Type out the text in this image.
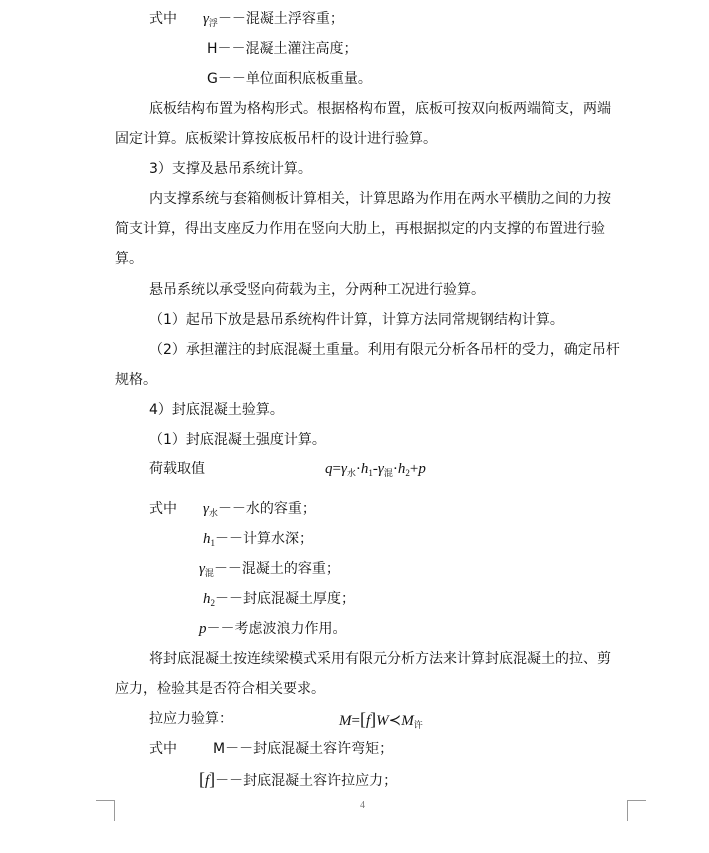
式中 $\gamma_浮--$混凝土浮容重；
H－－混凝土灌注高度；
G－－单位面积底板重量。
底板结构布置为格构形式。根据格构布置，底板可按双向板两端简支，两端
固定计算。底板梁计算按底板吊杆的设计进行验算。
3）支撑及悬吊系统计算。
内支撑系统与套箱侧板计算相关，计算思路为作用在两水平横肋之间的力按
简支计算，得出支座反力作用在竖向大肋上，再根据拟定的内支撑的布置进行验
算。
悬吊系统以承受竖向荷载为主，分两种工况进行验算。
（1）起吊下放是悬吊系统构件计算，计算方法同常规钢结构计算。
（2）承担灌注的封底混凝土重量。利用有限元分析各吊杆的受力，确定吊杆
规格。
4）封底混凝土验算。
（1）封底混凝土强度计算。
荷载取值	$q=\gamma_水\cdot h_1-\gamma_混\cdot h_2+p$
式中 $\gamma_水--$水的容重；
$h_1--$计算水深；
$\gamma_混--$混凝土的容重；
$h_2--$封底混凝土厚度；
p－－考虑波浪力作用。
将封底混凝土按连续梁模式采用有限元分析方法来计算封底混凝土的拉、剪
应力，检验其是否符合相关要求。
拉应力验算：	$M=[f]W≺M_许$
式中	M－－封底混凝土容许弯矩；
[f]－－封底混凝土容许拉应力；
4
